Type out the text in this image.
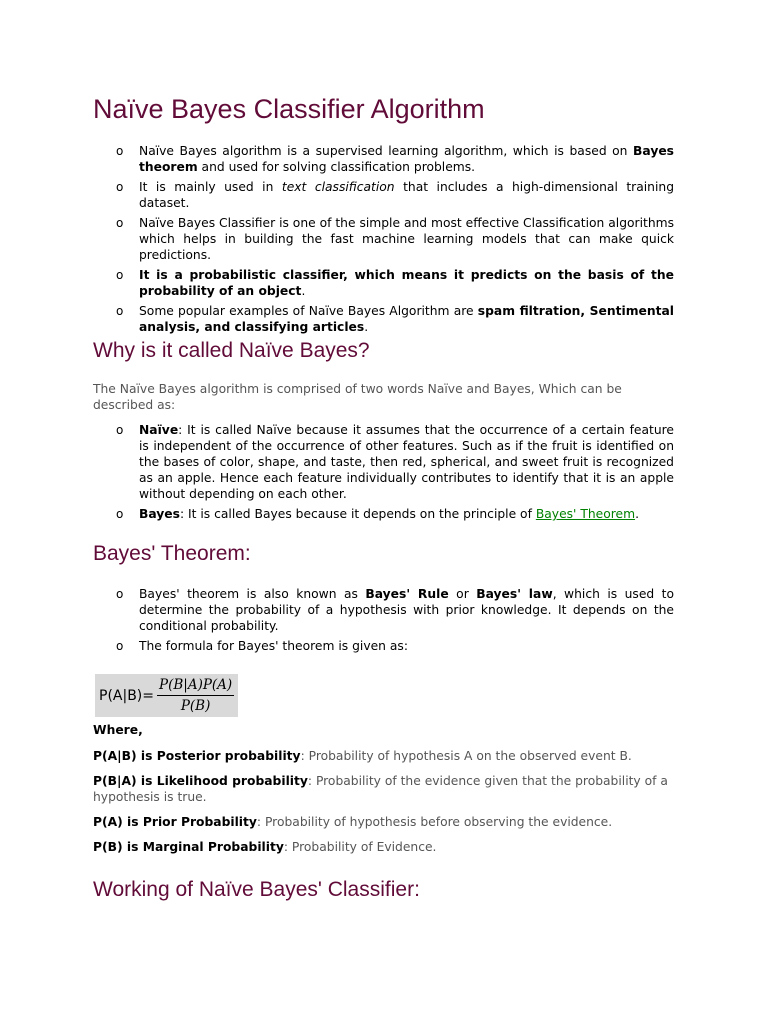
Naïve Bayes Classifier Algorithm
o Naïve Bayes algorithm is a supervised learning algorithm, which is based on Bayes theorem and used for solving classification problems.
o It is mainly used in text classification that includes a high-dimensional training dataset.
o Naïve Bayes Classifier is one of the simple and most effective Classification algorithms which helps in building the fast machine learning models that can make quick predictions.
o It is a probabilistic classifier, which means it predicts on the basis of the probability of an object.
o Some popular examples of Naïve Bayes Algorithm are spam filtration, Sentimental analysis, and classifying articles.
Why is it called Naïve Bayes?
The Naïve Bayes algorithm is comprised of two words Naïve and Bayes, Which can be described as:
o Naïve: It is called Naïve because it assumes that the occurrence of a certain feature is independent of the occurrence of other features. Such as if the fruit is identified on the bases of color, shape, and taste, then red, spherical, and sweet fruit is recognized as an apple. Hence each feature individually contributes to identify that it is an apple without depending on each other.
o Bayes: It is called Bayes because it depends on the principle of Bayes' Theorem.
Bayes' Theorem:
o Bayes' theorem is also known as Bayes' Rule or Bayes' law, which is used to determine the probability of a hypothesis with prior knowledge. It depends on the conditional probability.
o The formula for Bayes' theorem is given as:
$P(A|B)= \frac{P(B|A)P(A)}{P(B)}$
Where,

P(A|B) is Posterior probability: Probability of hypothesis A on the observed event B.

P(B|A) is Likelihood probability: Probability of the evidence given that the probability of a hypothesis is true.

P(A) is Prior Probability: Probability of hypothesis before observing the evidence.

P(B) is Marginal Probability: Probability of Evidence.

Working of Naïve Bayes' Classifier:
